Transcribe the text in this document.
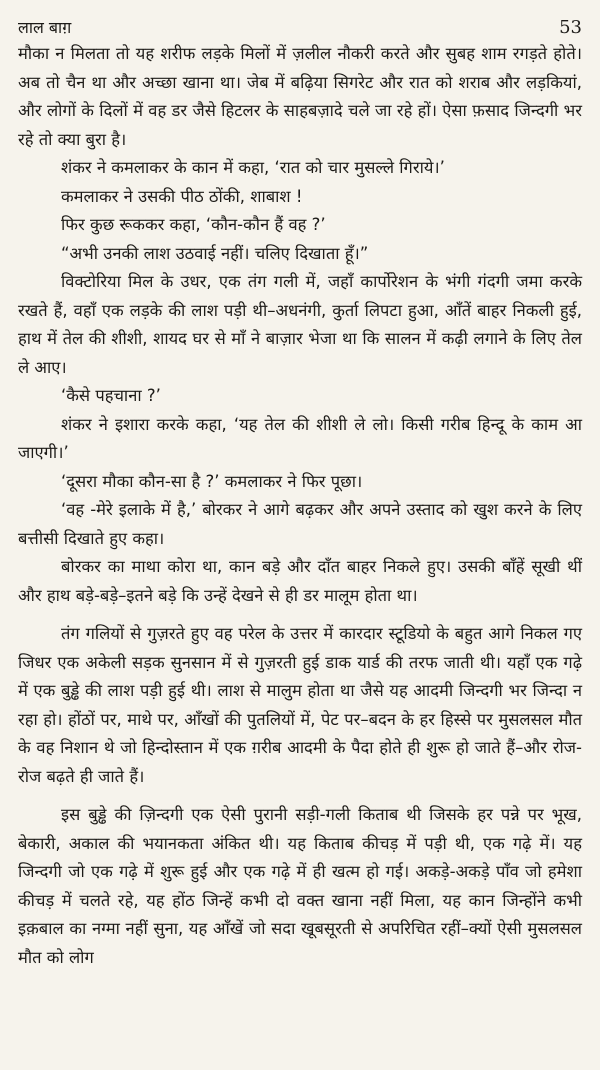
लाल बाग़	53

मौका न मिलता तो यह शरीफ लड़के मिलों में ज़लील नौकरी करते और सुबह शाम रगड़ते होते। अब तो चैन था और अच्छा खाना था। जेब में बढ़िया सिगरेट और रात को शराब और लड़कियां, और लोगों के दिलों में वह डर जैसे हिटलर के साहबज़ादे चले जा रहे हों। ऐसा फ़साद जिन्दगी भर रहे तो क्या बुरा है।

शंकर ने कमलाकर के कान में कहा, ‘रात को चार मुसल्ले गिराये।’

कमलाकर ने उसकी पीठ ठोंकी, शाबाश !

फिर कुछ रूककर कहा, ‘कौन-कौन हैं वह ?’

“अभी उनकी लाश उठवाई नहीं। चलिए दिखाता हूँ।”

विक्टोरिया मिल के उधर, एक तंग गली में, जहाँ कार्पोरेशन के भंगी गंदगी जमा करके रखते हैं, वहाँ एक लड़के की लाश पड़ी थी–अधनंगी, कुर्ता लिपटा हुआ, आँतें बाहर निकली हुई, हाथ में तेल की शीशी, शायद घर से माँ ने बाज़ार भेजा था कि सालन में कढ़ी लगाने के लिए तेल ले आए।

‘कैसे पहचाना ?’

शंकर ने इशारा करके कहा, ‘यह तेल की शीशी ले लो। किसी गरीब हिन्दू के काम आ जाएगी।’

‘दूसरा मौका कौन-सा है ?’ कमलाकर ने फिर पूछा।

‘वह -मेरे इलाके में है,’ बोरकर ने आगे बढ़कर और अपने उस्ताद को खुश करने के लिए बत्तीसी दिखाते हुए कहा।

बोरकर का माथा कोरा था, कान बड़े और दाँत बाहर निकले हुए। उसकी बाँहें सूखी थीं और हाथ बड़े-बड़े–इतने बड़े कि उन्हें देखने से ही डर मालूम होता था।

तंग गलियों से गुज़रते हुए वह परेल के उत्तर में कारदार स्टूडियो के बहुत आगे निकल गए जिधर एक अकेली सड़क सुनसान में से गुज़रती हुई डाक यार्ड की तरफ जाती थी। यहाँ एक गढ़े में एक बुड्ढे की लाश पड़ी हुई थी। लाश से मालुम होता था जैसे यह आदमी जिन्दगी भर जिन्दा न रहा हो। होंठों पर, माथे पर, आँखों की पुतलियों में, पेट पर–बदन के हर हिस्से पर मुसलसल मौत के वह निशान थे जो हिन्दोस्तान में एक ग़रीब आदमी के पैदा होते ही शुरू हो जाते हैं–और रोज-रोज बढ़ते ही जाते हैं।

इस बुड्ढे की ज़िन्दगी एक ऐसी पुरानी सड़ी-गली किताब थी जिसके हर पन्ने पर भूख, बेकारी, अकाल की भयानकता अंकित थी। यह किताब कीचड़ में पड़ी थी, एक गढ़े में। यह जिन्दगी जो एक गढ़े में शुरू हुई और एक गढ़े में ही खत्म हो गई। अकड़े-अकड़े पाँव जो हमेशा कीचड़ में चलते रहे, यह होंठ जिन्हें कभी दो वक्त खाना नहीं मिला, यह कान जिन्होंने कभी इक़बाल का नग्मा नहीं सुना, यह आँखें जो सदा खूबसूरती से अपरिचित रहीं–क्यों ऐसी मुसलसल मौत को लोग
